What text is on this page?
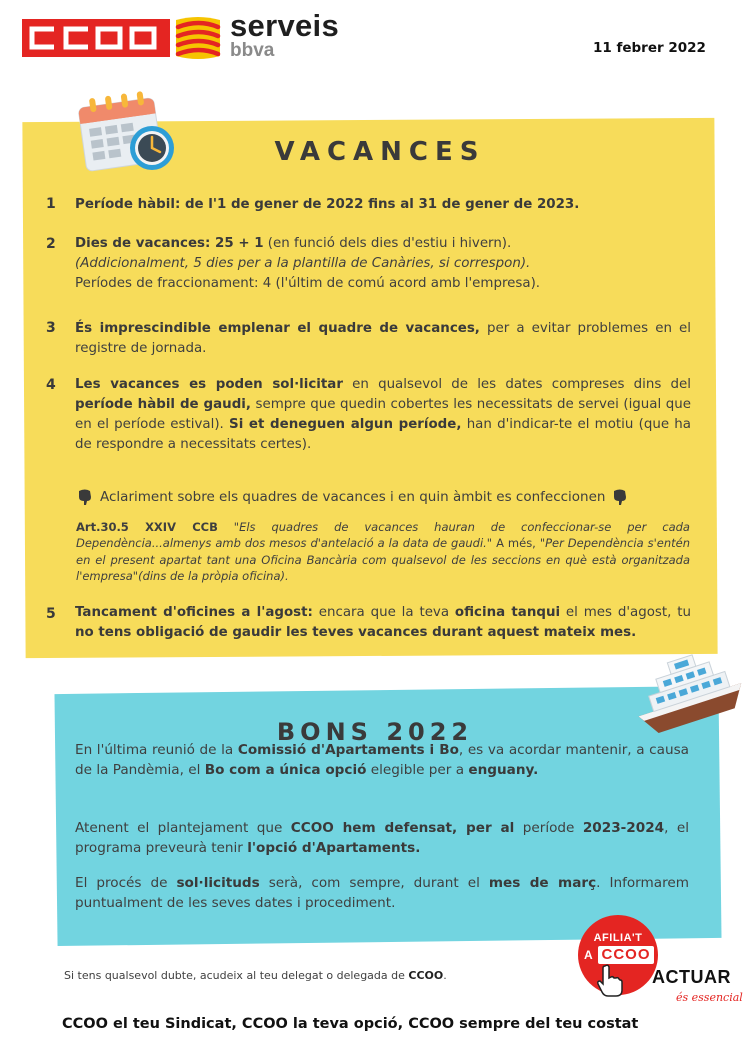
serveis
bbva	11 febrer 2022
VACANCES
1 Període hàbil: de l'1 de gener de 2022 fins al 31 de gener de 2023.
2 Dies de vacances: 25 + 1 (en funció dels dies d'estiu i hivern).
(Addicionalment, 5 dies per a la plantilla de Canàries, si correspon).
Períodes de fraccionament: 4 (l'últim de comú acord amb l'empresa).
3 És imprescindible emplenar el quadre de vacances, per a evitar problemes en el registre de jornada.
4 Les vacances es poden sol·licitar en qualsevol de les dates compreses dins del període hàbil de gaudi, sempre que quedin cobertes les necessitats de servei (igual que en el període estival). Si et deneguen algun període, han d'indicar-te el motiu (que ha de respondre a necessitats certes).
Aclariment sobre els quadres de vacances i en quin àmbit es confeccionen
Art.30.5 XXIV CCB "Els quadres de vacances hauran de confeccionar-se per cada Dependència...almenys amb dos mesos d'antelació a la data de gaudi." A més, "Per Dependència s'entén en el present apartat tant una Oficina Bancària com qualsevol de les seccions en què està organitzada l'empresa"(dins de la pròpia oficina).
5 Tancament d'oficines a l'agost: encara que la teva oficina tanqui el mes d'agost, tu no tens obligació de gaudir les teves vacances durant aquest mateix mes.
BONS 2022
En l'última reunió de la Comissió d'Apartaments i Bo, es va acordar mantenir, a causa de la Pandèmia, el Bo com a única opció elegible per a enguany.
Atenent el plantejament que CCOO hem defensat, per al període 2023-2024, el programa preveurà tenir l'opció d'Apartaments.
El procés de sol·licituds serà, com sempre, durant el mes de març. Informarem puntualment de les seves dates i procediment.
Si tens qualsevol dubte, acudeix al teu delegat o delegada de CCOO.
AFILIA'T
A CCOO
ACTUAR
és essencial
CCOO el teu Sindicat, CCOO la teva opció, CCOO sempre del teu costat
